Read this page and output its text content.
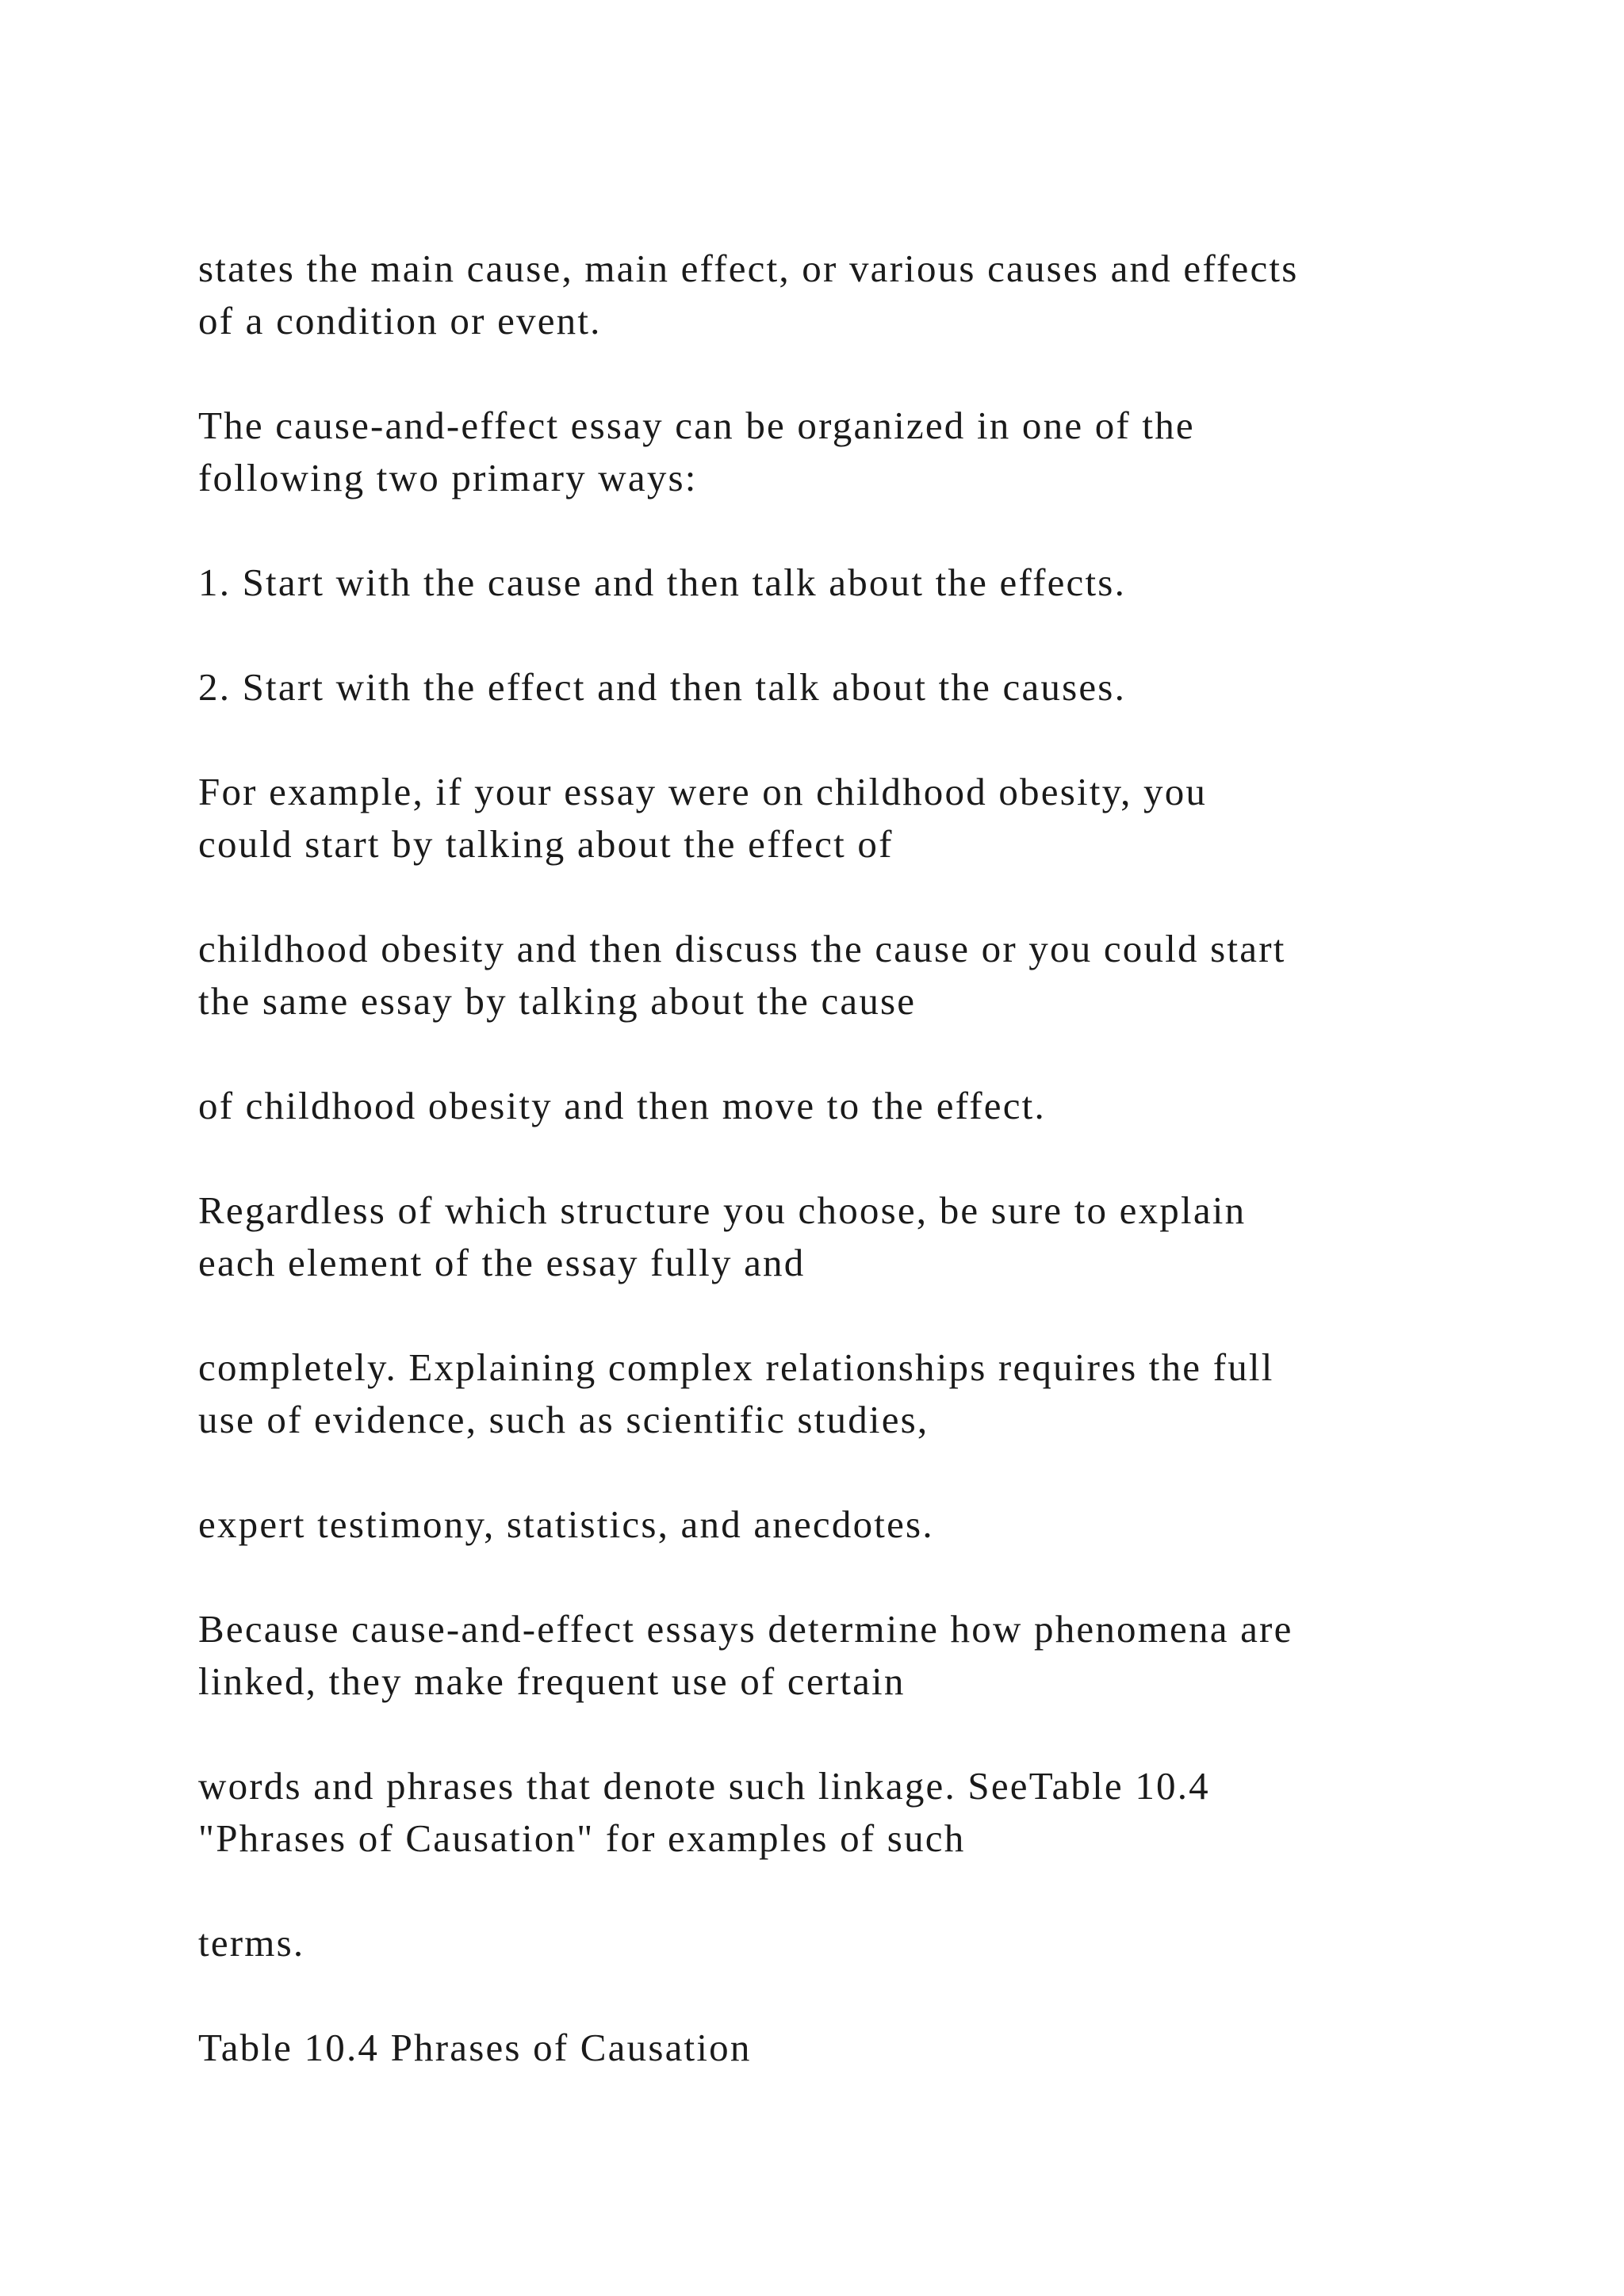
states the main cause, main effect, or various causes and effects
of a condition or event.

The cause-and-effect essay can be organized in one of the
following two primary ways:

1. Start with the cause and then talk about the effects.

2. Start with the effect and then talk about the causes.

For example, if your essay were on childhood obesity, you
could start by talking about the effect of

childhood obesity and then discuss the cause or you could start
the same essay by talking about the cause

of childhood obesity and then move to the effect.

Regardless of which structure you choose, be sure to explain
each element of the essay fully and

completely. Explaining complex relationships requires the full
use of evidence, such as scientific studies,

expert testimony, statistics, and anecdotes.

Because cause-and-effect essays determine how phenomena are
linked, they make frequent use of certain

words and phrases that denote such linkage. SeeTable 10.4
"Phrases of Causation" for examples of such

terms.

Table 10.4 Phrases of Causation
